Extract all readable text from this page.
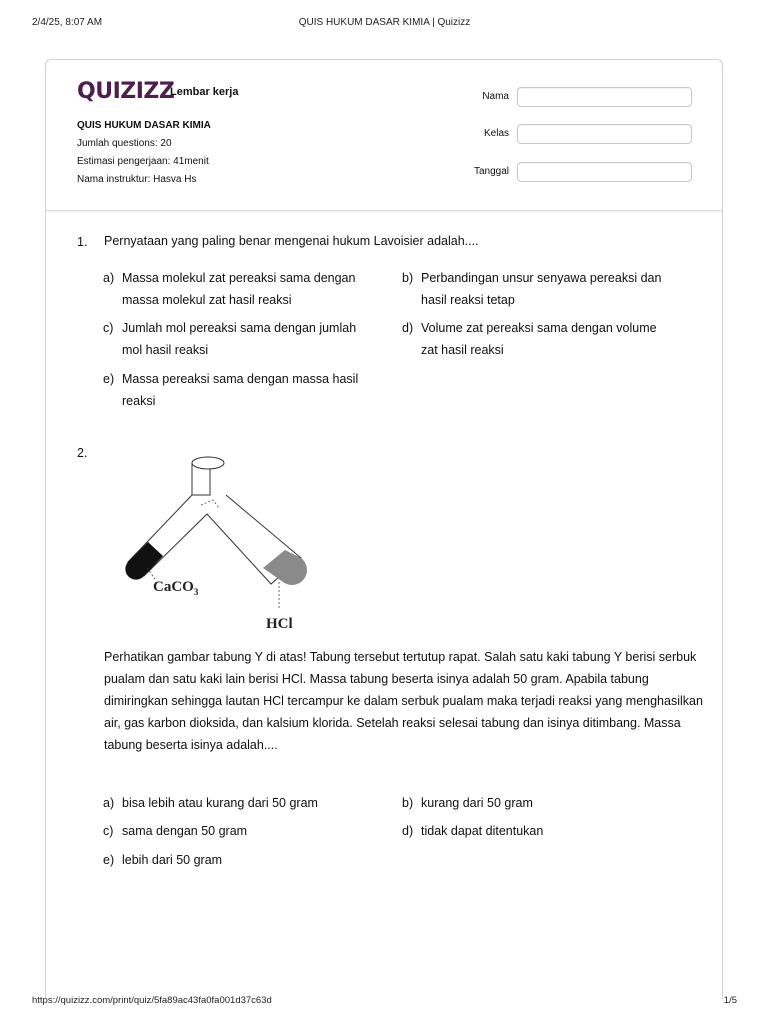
2/4/25, 8:07 AM	QUIS HUKUM DASAR KIMIA | Quizizz
QUIZIZZ
Lembar kerja
QUIS HUKUM DASAR KIMIA
Jumlah questions: 20
Estimasi pengerjaan: 41menit
Nama instruktur: Hasva Hs
Nama
Kelas
Tanggal
1. Pernyataan yang paling benar mengenai hukum Lavoisier adalah....
a) Massa molekul zat pereaksi sama dengan massa molekul zat hasil reaksi
b) Perbandingan unsur senyawa pereaksi dan hasil reaksi tetap
c) Jumlah mol pereaksi sama dengan jumlah mol hasil reaksi
d) Volume zat pereaksi sama dengan volume zat hasil reaksi
e) Massa pereaksi sama dengan massa hasil reaksi
2.
CaCO$_3$
HCl
Perhatikan gambar tabung Y di atas! Tabung tersebut tertutup rapat. Salah satu kaki tabung Y berisi serbuk pualam dan satu kaki lain berisi HCl. Massa tabung beserta isinya adalah 50 gram. Apabila tabung dimiringkan sehingga lautan HCl tercampur ke dalam serbuk pualam maka terjadi reaksi yang menghasilkan air, gas karbon dioksida, dan kalsium klorida. Setelah reaksi selesai tabung dan isinya ditimbang. Massa tabung beserta isinya adalah....
a) bisa lebih atau kurang dari 50 gram	b) kurang dari 50 gram
c) sama dengan 50 gram	d) tidak dapat ditentukan
e) lebih dari 50 gram
https://quizizz.com/print/quiz/5fa89ac43fa0fa001d37c63d	1/5
